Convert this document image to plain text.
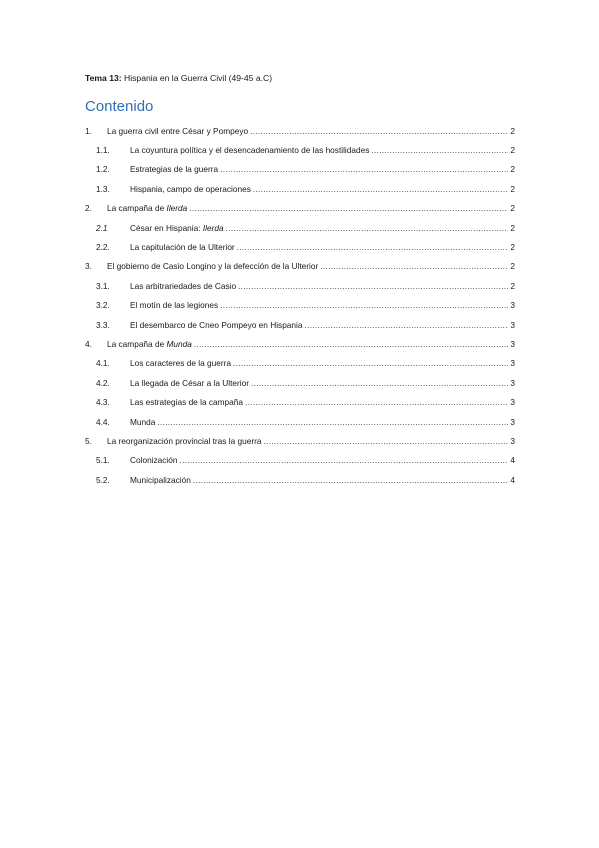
Tema 13: Hispania en la Guerra Civil (49-45 a.C)
Contenido
1. La guerra civil entre César y Pompeyo .....	2
1.1. La coyuntura política y el desencadenamiento de las hostilidades .....	2
1.2. Estrategias de la guerra .....	2
1.3. Hispania, campo de operaciones .....	2
2. La campaña de Ilerda .....	2
2.1	César en Hispania: Ilerda .....	2
2.2. La capitulación de la Ulterior .....	2
3. El gobierno de Casio Longino y la defección de la Ulterior .....	2
3.1. Las arbitrariedades de Casio .....	2
3.2. El motín de las legiones .....	3
3.3. El desembarco de Cneo Pompeyo en Hispania .....	3
4. La campaña de Munda .....	3
4.1. Los caracteres de la guerra .....	3
4.2. La llegada de César a la Ulterior .....	3
4.3. Las estrategias de la campaña .....	3
4.4. Munda .....	3
5. La reorganización provincial tras la guerra .....	3
5.1. Colonización .....	4
5.2. Municipalización .....	4
